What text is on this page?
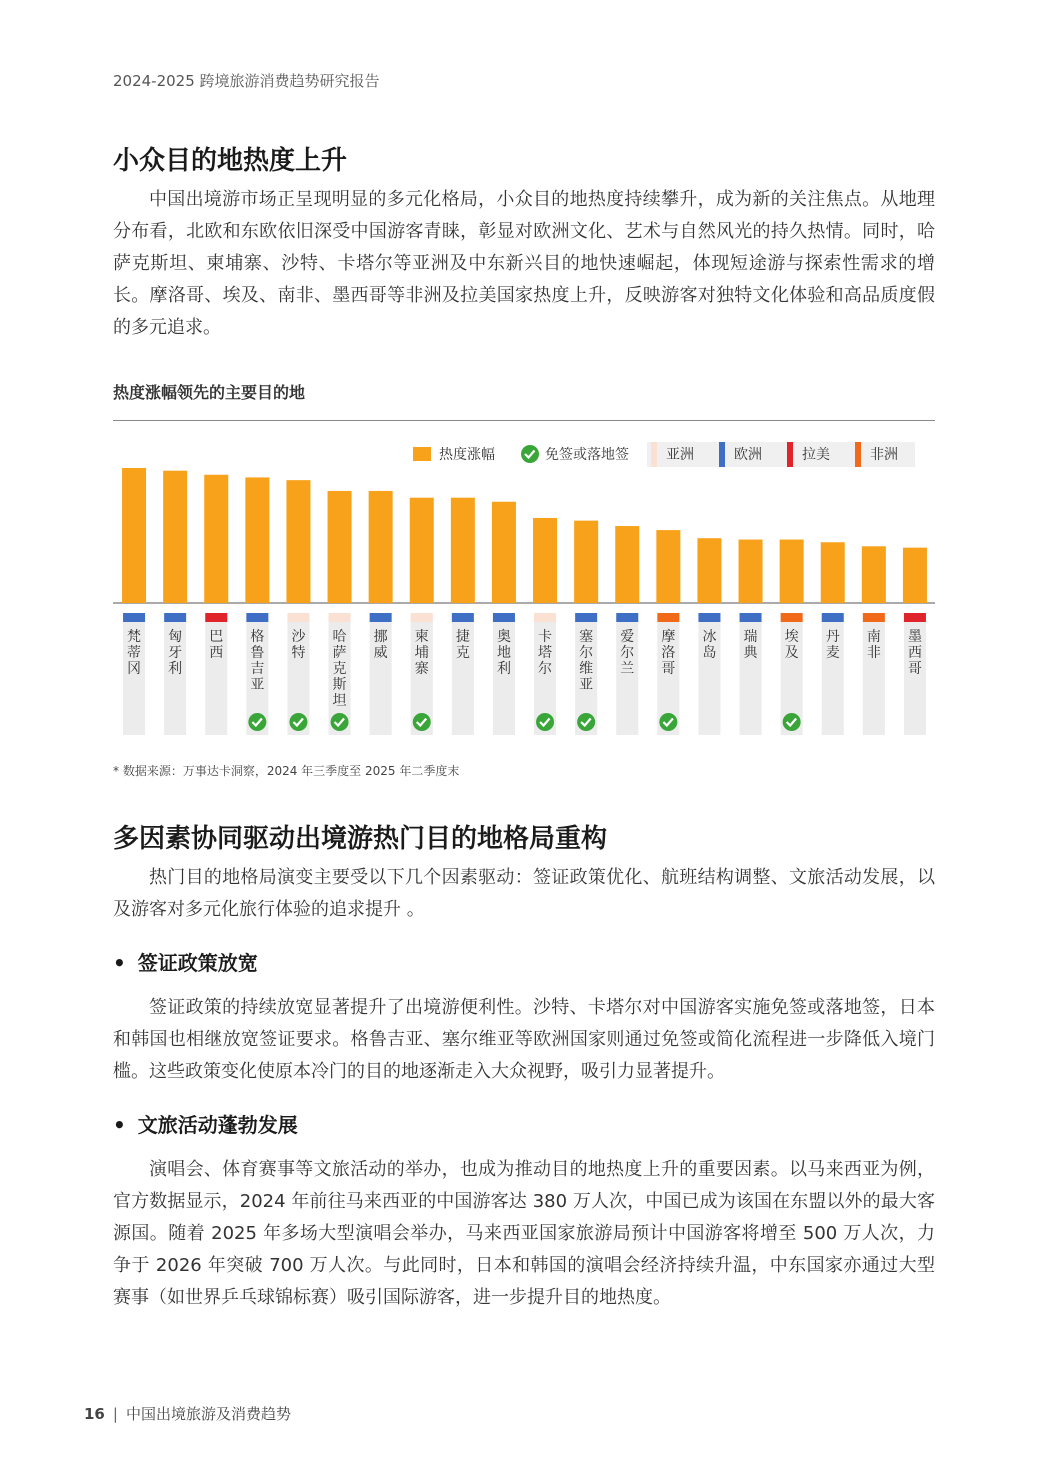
2024-2025 跨境旅游消费趋势研究报告
小众目的地热度上升

中国出境游市场正呈现明显的多元化格局，小众目的地热度持续攀升，成为新的关注焦点。从地理分布看，北欧和东欧依旧深受中国游客青睐，彰显对欧洲文化、艺术与自然风光的持久热情。同时，哈萨克斯坦、柬埔寨、沙特、卡塔尔等亚洲及中东新兴目的地快速崛起，体现短途游与探索性需求的增长。摩洛哥、埃及、南非、墨西哥等非洲及拉美国家热度上升，反映游客对独特文化体验和高品质度假的多元追求。

热度涨幅领先的主要目的地
热度涨幅	免签或落地签	亚洲	欧洲	拉美	非洲
梵
蒂
冈
匈
牙
利
巴
西
格
鲁
吉
亚
沙
特
哈
萨
克
斯
坦
挪
威
柬
埔
寨
捷
克
奥
地
利
卡
塔
尔
塞
尔
维
亚
爱
尔
兰
摩
洛
哥
冰
岛
瑞
典
埃
及
丹
麦
南
非
墨
西
哥
* 数据来源：万事达卡洞察，2024 年三季度至 2025 年二季度末
多因素协同驱动出境游热门目的地格局重构

热门目的地格局演变主要受以下几个因素驱动：签证政策优化、航班结构调整、文旅活动发展，以及游客对多元化旅行体验的追求提升 。

• 签证政策放宽

签证政策的持续放宽显著提升了出境游便利性。沙特、卡塔尔对中国游客实施免签或落地签，日本和韩国也相继放宽签证要求。格鲁吉亚、塞尔维亚等欧洲国家则通过免签或简化流程进一步降低入境门槛。这些政策变化使原本冷门的目的地逐渐走入大众视野，吸引力显著提升。

• 文旅活动蓬勃发展

演唱会、体育赛事等文旅活动的举办，也成为推动目的地热度上升的重要因素。以马来西亚为例，官方数据显示，2024 年前往马来西亚的中国游客达 380 万人次，中国已成为该国在东盟以外的最大客源国。随着 2025 年多场大型演唱会举办，马来西亚国家旅游局预计中国游客将增至 500 万人次，力争于 2026 年突破 700 万人次。与此同时，日本和韩国的演唱会经济持续升温，中东国家亦通过大型赛事（如世界乒乓球锦标赛）吸引国际游客，进一步提升目的地热度。

16 | 中国出境旅游及消费趋势
